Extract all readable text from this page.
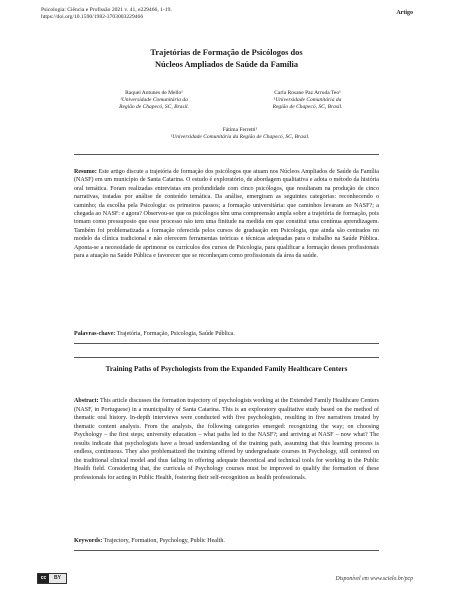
Psicologia: Ciência e Profissão 2021 v. 41, e229466, 1-19.
https://doi.org/10.1590/1982-3703003229466
Artigo
Trajetórias de Formação de Psicólogos dos
Núcleos Ampliados de Saúde da Família
Raquel Antunes de Mello¹
¹Universidade Comunitária da
Região de Chapecó, SC, Brasil.
Carla Rosane Paz Arruda Teo¹
¹Universidade Comunitária da
Região de Chapecó, SC, Brasil.
Fátima Ferretti¹
¹Universidade Comunitária da Região de Chapecó, SC, Brasil.
Resumo: Este artigo discute a trajetória de formação dos psicólogos que atuam nos Núcleos Ampliados de Saúde da Família (NASF) em um município de Santa Catarina. O estudo é exploratório, de abordagem qualitativa e adota o método da história oral temática. Foram realizadas entrevistas em profundidade com cinco psicólogos, que resultaram na produção de cinco narrativas, tratadas por análise de conteúdo temática. Da análise, emergiram as seguintes categorias: reconhecendo o caminho; da escolha pela Psicologia: os primeiros passos; a formação universitária: que caminhos levaram ao NASF?; a chegada ao NASF: e agora? Observou-se que os psicólogos têm uma compreensão ampla sobre a trajetória de formação, pois tomam como pressuposto que esse processo não tem uma finitude na medida em que constitui uma contínua aprendizagem. Também foi problematizada a formação oferecida pelos cursos de graduação em Psicologia, que ainda são centrados no modelo da clínica tradicional e não oferecem ferramentas teóricas e técnicas adequadas para o trabalho na Saúde Pública. Aponta-se a necessidade de aprimorar os currículos dos cursos de Psicologia, para qualificar a formação desses profissionais para a atuação na Saúde Pública e favorecer que se reconheçam como profissionais da área da saúde.
Palavras-chave: Trajetória, Formação, Psicologia, Saúde Pública.
Training Paths of Psychologists from the Expanded Family Healthcare Centers
Abstract: This article discusses the formation trajectory of psychologists working at the Extended Family Healthcare Centers (NASF, in Portuguese) in a municipality of Santa Catarina. This is an exploratory qualitative study based on the method of thematic oral history. In-depth interviews were conducted with five psychologists, resulting in five narratives treated by thematic content analysis. From the analysis, the following categories emerged: recognizing the way; on choosing Psychology – the first steps; university education – what paths led to the NASF?; and arriving at NASF – now what? The results indicate that psychologists have a broad understanding of the training path, assuming that this learning process is endless, continuous. They also problematized the training offered by undergraduate courses in Psychology, still centered on the traditional clinical model and thus failing in offering adequate theoretical and technical tools for working in the Public Health field. Considering that, the curricula of Psychology courses must be improved to qualify the formation of these professionals for acting in Public Health, fostering their self-recognition as health professionals.
Keywords: Trajectory, Formation, Psychology, Public Health.
cc	BY	Disponível em www.scielo.br/pcp
